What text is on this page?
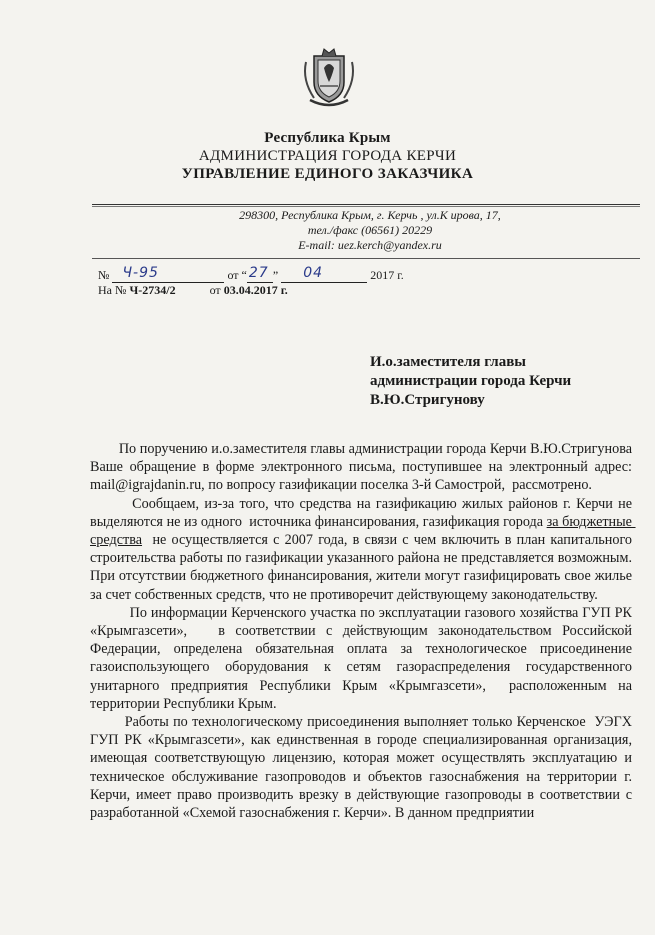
Республика Крым
АДМИНИСТРАЦИЯ ГОРОДА КЕРЧИ
УПРАВЛЕНИЕ ЕДИНОГО ЗАКАЗЧИКА
298300, Республика Крым, г. Керчь , ул.К ирова, 17,
тел./факс (06561) 20229
E-mail: uez.kerch@yandex.ru
№ Ч-95	от “ 27 ” 04	2017 г.
На № Ч-2734/2	от 03.04.2017 г.
И.о.заместителя главы
администрации города Керчи
В.Ю.Стригунову

По поручению и.о.заместителя главы администрации города Керчи В.Ю.Стригунова  Ваше обращение в форме электронного письма, поступившее на электронный адрес: mail@igrajdanin.ru, по вопросу газификации поселка 3-й Самострой,  рассмотрено.

Сообщаем, из-за того, что средства на газификацию жилых районов г. Керчи не выделяются не из одного  источника финансирования, газификация города за бюджетные средства  не осуществляется с 2007 года, в связи с чем включить в план капитального строительства работы по газификации указанного района не представляется возможным.   При отсутствии бюджетного финансирования, жители могут газифицировать свое жилье за счет собственных средств, что не противоречит действующему законодательству.

По информации Керченского участка по эксплуатации газового хозяйства ГУП РК «Крымгазсети»,   в соответствии с действующим законодательством Российской Федерации, определена обязательная оплата за технологическое присоединение газоиспользующего оборудования к сетям газораспределения государственного унитарного предприятия Республики Крым «Крымгазсети»,  расположенным на территории Республики Крым.

Работы по технологическому присоединения выполняет только Керченское  УЭГХ ГУП РК «Крымгазсети», как единственная в городе специализированная организация, имеющая соответствующую лицензию, которая может осуществлять эксплуатацию и техническое обслуживание газопроводов и объектов газоснабжения на территории г. Керчи, имеет право производить врезку в действующие газопроводы в соответствии с разработанной «Схемой газоснабжения г. Керчи». В данном предприятии
